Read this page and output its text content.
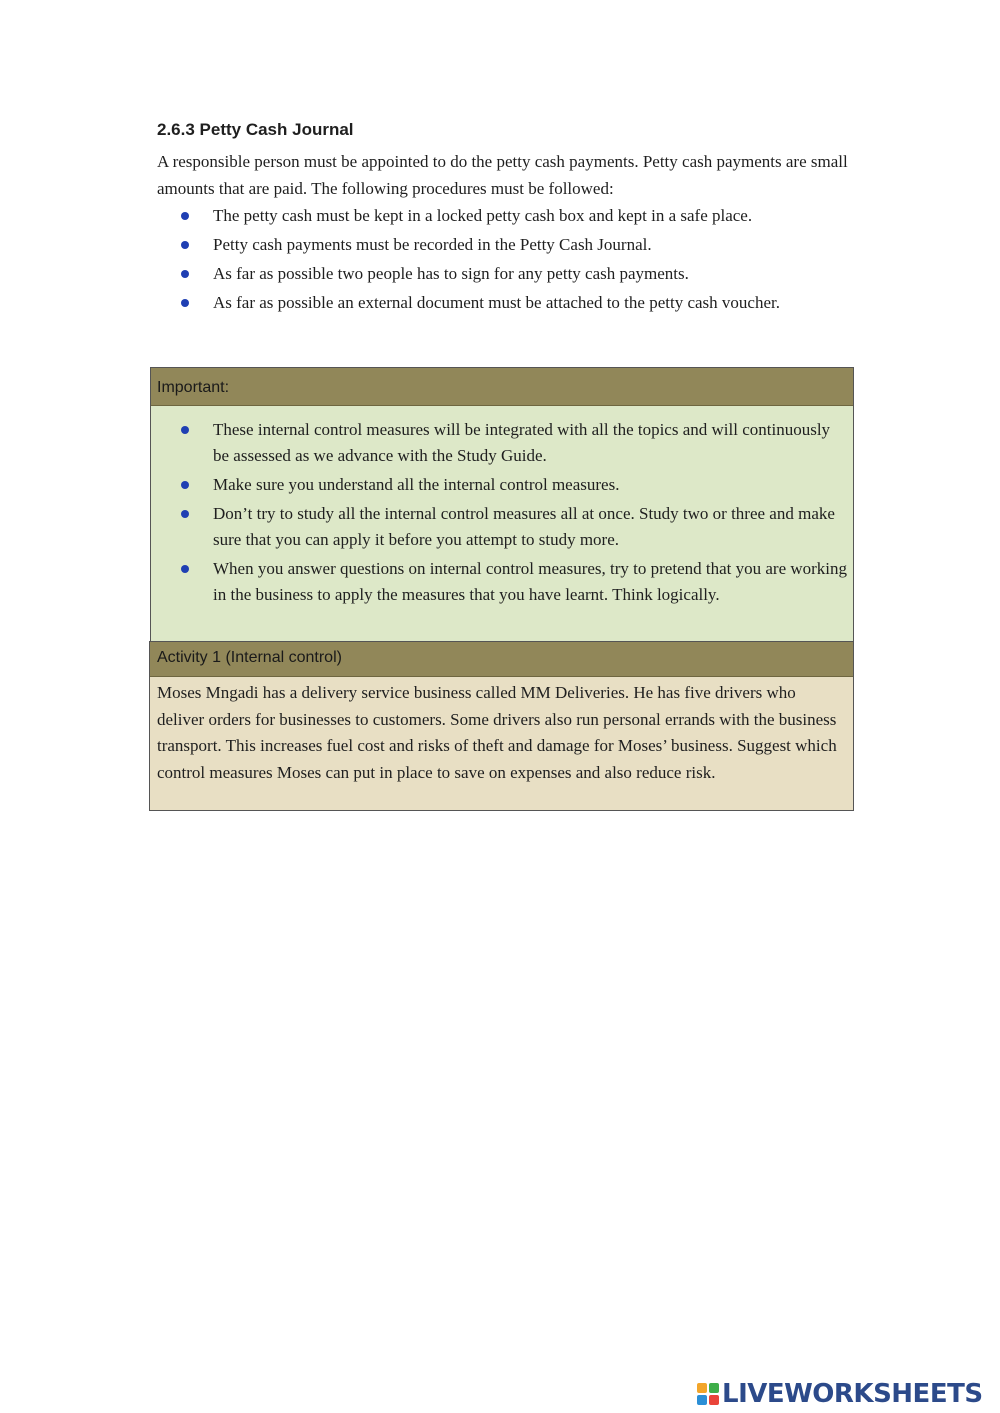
2.6.3 Petty Cash Journal
A responsible person must be appointed to do the petty cash payments. Petty cash payments are small amounts that are paid. The following procedures must be followed:
The petty cash must be kept in a locked petty cash box and kept in a safe place.
Petty cash payments must be recorded in the Petty Cash Journal.
As far as possible two people has to sign for any petty cash payments.
As far as possible an external document must be attached to the petty cash voucher.
Important:
These internal control measures will be integrated with all the topics and will continuously be assessed as we advance with the Study Guide.
Make sure you understand all the internal control measures.
Don’t try to study all the internal control measures all at once. Study two or three and make sure that you can apply it before you attempt to study more.
When you answer questions on internal control measures, try to pretend that you are working in the business to apply the measures that you have learnt. Think logically.
Activity 1 (Internal control)
Moses Mngadi has a delivery service business called MM Deliveries. He has five drivers who deliver orders for businesses to customers. Some drivers also run personal errands with the business transport. This increases fuel cost and risks of theft and damage for Moses’ business. Suggest which control measures Moses can put in place to save on expenses and also reduce risk.
LIVEWORKSHEETS
